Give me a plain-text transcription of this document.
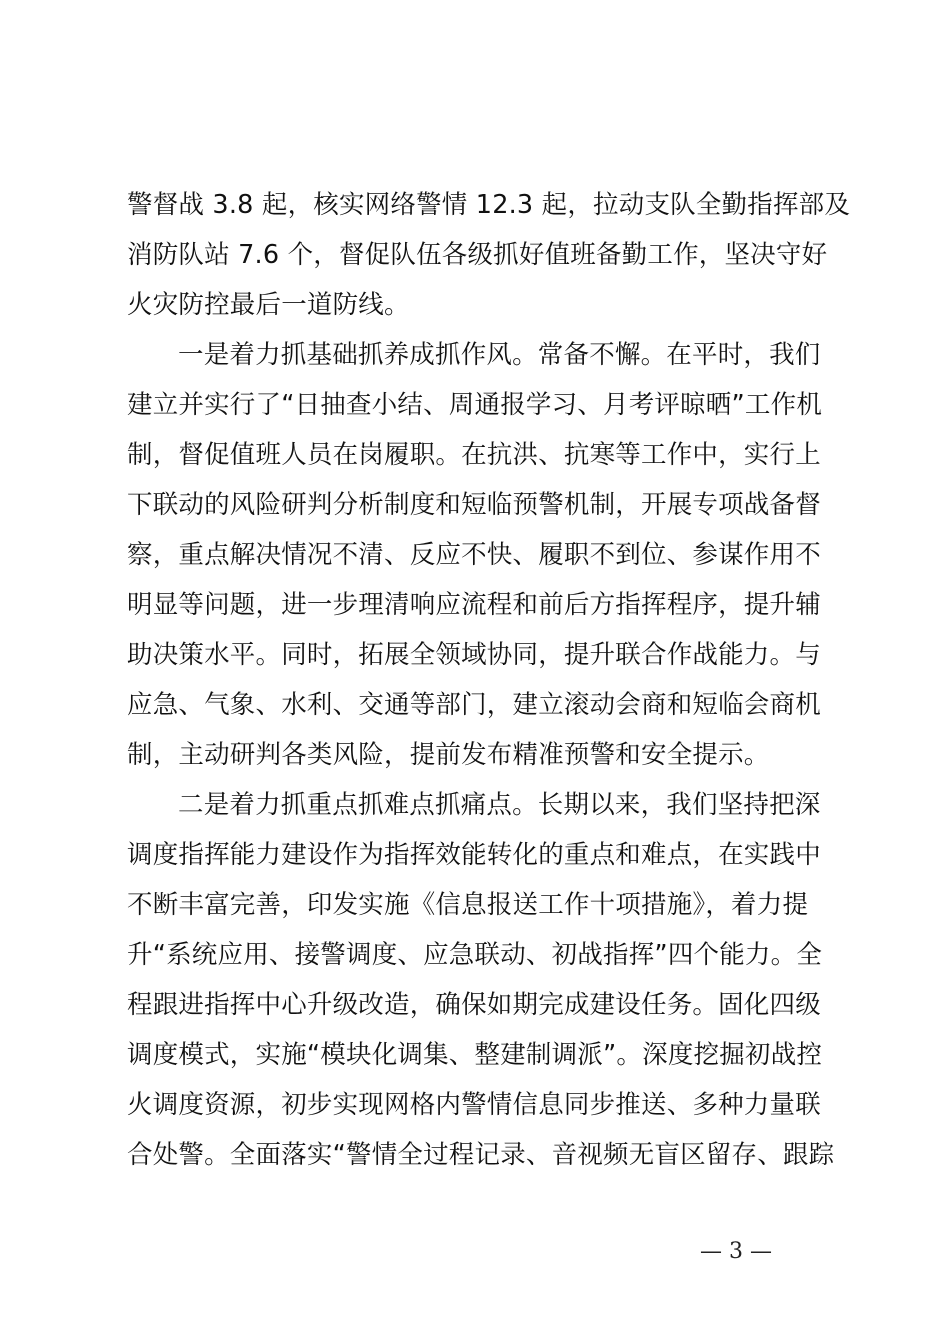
警督战 3.8 起，核实网络警情 12.3 起，拉动支队全勤指挥部及
消防队站 7.6 个，督促队伍各级抓好值班备勤工作，坚决守好
火灾防控最后一道防线。
一是着力抓基础抓养成抓作风。常备不懈。在平时，我们
建立并实行了“日抽查小结、周通报学习、月考评晾晒”工作机
制，督促值班人员在岗履职。在抗洪、抗寒等工作中，实行上
下联动的风险研判分析制度和短临预警机制，开展专项战备督
察，重点解决情况不清、反应不快、履职不到位、参谋作用不
明显等问题，进一步理清响应流程和前后方指挥程序，提升辅
助决策水平。同时，拓展全领域协同，提升联合作战能力。与
应急、气象、水利、交通等部门，建立滚动会商和短临会商机
制，主动研判各类风险，提前发布精准预警和安全提示。
二是着力抓重点抓难点抓痛点。长期以来，我们坚持把深
调度指挥能力建设作为指挥效能转化的重点和难点，在实践中
不断丰富完善，印发实施《信息报送工作十项措施》，着力提
升“系统应用、接警调度、应急联动、初战指挥”四个能力。全
程跟进指挥中心升级改造，确保如期完成建设任务。固化四级
调度模式，实施“模块化调集、整建制调派”。深度挖掘初战控
火调度资源，初步实现网格内警情信息同步推送、多种力量联
合处警。全面落实“警情全过程记录、音视频无盲区留存、跟踪
— 3 —
